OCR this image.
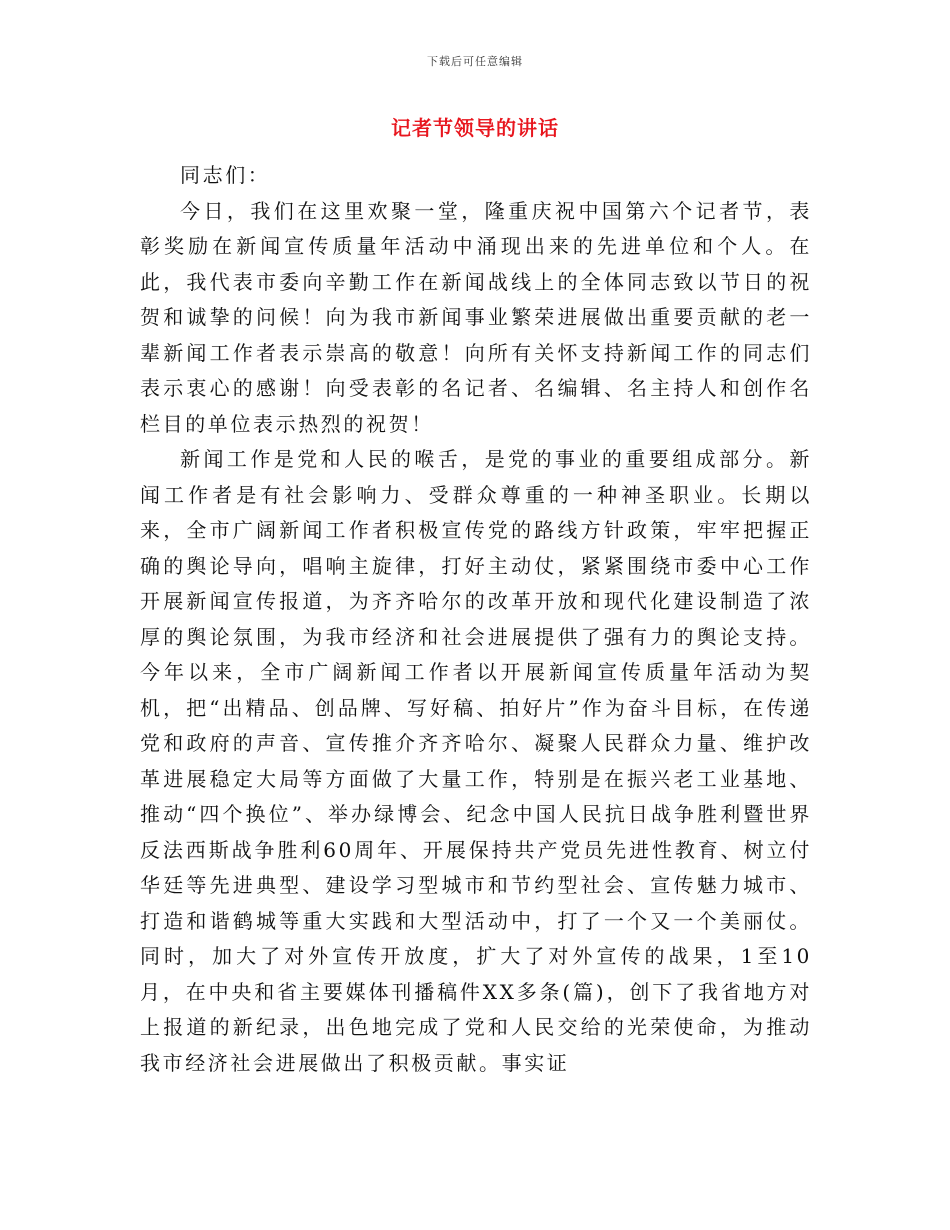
下载后可任意编辑
记者节领导的讲话

同志们：

今日，我们在这里欢聚一堂，隆重庆祝中国第六个记者节，表彰奖励在新闻宣传质量年活动中涌现出来的先进单位和个人。在此，我代表市委向辛勤工作在新闻战线上的全体同志致以节日的祝贺和诚挚的问候！向为我市新闻事业繁荣进展做出重要贡献的老一辈新闻工作者表示崇高的敬意！向所有关怀支持新闻工作的同志们表示衷心的感谢！向受表彰的名记者、名编辑、名主持人和创作名栏目的单位表示热烈的祝贺！

新闻工作是党和人民的喉舌，是党的事业的重要组成部分。新闻工作者是有社会影响力、受群众尊重的一种神圣职业。长期以来，全市广阔新闻工作者积极宣传党的路线方针政策，牢牢把握正确的舆论导向，唱响主旋律，打好主动仗，紧紧围绕市委中心工作开展新闻宣传报道，为齐齐哈尔的改革开放和现代化建设制造了浓厚的舆论氛围，为我市经济和社会进展提供了强有力的舆论支持。今年以来，全市广阔新闻工作者以开展新闻宣传质量年活动为契机，把“出精品、创品牌、写好稿、拍好片”作为奋斗目标，在传递党和政府的声音、宣传推介齐齐哈尔、凝聚人民群众力量、维护改革进展稳定大局等方面做了大量工作，特别是在振兴老工业基地、推动“四个换位”、举办绿博会、纪念中国人民抗日战争胜利暨世界反法西斯战争胜利60周年、开展保持共产党员先进性教育、树立付华廷等先进典型、建设学习型城市和节约型社会、宣传魅力城市、打造和谐鹤城等重大实践和大型活动中，打了一个又一个美丽仗。同时，加大了对外宣传开放度，扩大了对外宣传的战果，1至10月，在中央和省主要媒体刊播稿件XX多条(篇)，创下了我省地方对上报道的新纪录，出色地完成了党和人民交给的光荣使命，为推动我市经济社会进展做出了积极贡献。事实证
